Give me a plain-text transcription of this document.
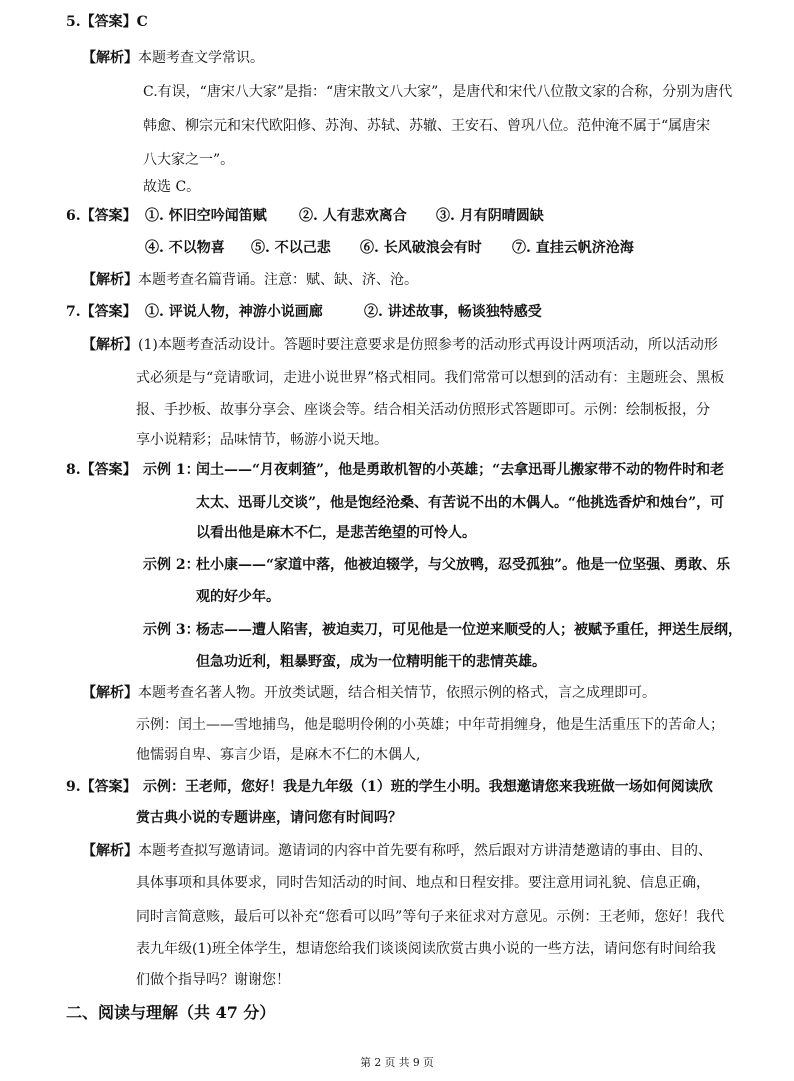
5.【答案】C
【解析】本题考查文学常识。
C.有误，“唐宋八大家”是指：“唐宋散文八大家”，是唐代和宋代八位散文家的合称，分别为唐代
韩愈、柳宗元和宋代欧阳修、苏洵、苏轼、苏辙、王安石、曾巩八位。范仲淹不属于“属唐宋
八大家之一”。
故选 C。
6.【答案】 ①. 怀旧空吟闻笛赋 ②. 人有悲欢离合 ③. 月有阴晴圆缺
④. 不以物喜 ⑤. 不以己悲 ⑥. 长风破浪会有时 ⑦. 直挂云帆济沧海
【解析】本题考查名篇背诵。注意：赋、缺、济、沧。
7.【答案】 ①. 评说人物，神游小说画廊	②. 讲述故事，畅谈独特感受
【解析】(1)本题考查活动设计。答题时要注意要求是仿照参考的活动形式再设计两项活动，所以活动形
式必须是与“竞请歌词，走进小说世界”格式相同。我们常常可以想到的活动有：主题班会、黑板
报、手抄板、故事分享会、座谈会等。结合相关活动仿照形式答题即可。示例：绘制板报，分
享小说精彩；品味情节，畅游小说天地。
8.【答案】 示例 1：
闰土——“月夜刺猹”，他是勇敢机智的小英雄；“去拿迅哥儿搬家带不动的物件时和老
太太、迅哥儿交谈”，他是饱经沧桑、有苦说不出的木偶人。“他挑选香炉和烛台”，可
以看出他是麻木不仁，是悲苦绝望的可怜人。
示例 2：
杜小康——“家道中落，他被迫辍学，与父放鸭，忍受孤独”。他是一位坚强、勇敢、乐
观的好少年。
示例 3：
杨志——遭人陷害，被迫卖刀，可见他是一位逆来顺受的人；被赋予重任，押送生辰纲，
但急功近利，粗暴野蛮，成为一位精明能干的悲情英雄。
【解析】本题考查名著人物。开放类试题，结合相关情节，依照示例的格式，言之成理即可。
示例：闰土——雪地捕鸟，他是聪明伶俐的小英雄；中年苛捐缠身，他是生活重压下的苦命人；
他懦弱自卑、寡言少语，是麻木不仁的木偶人,
9.【答案】 示例：王老师，您好！我是九年级（1）班的学生小明。我想邀请您来我班做一场如何阅读欣
赏古典小说的专题讲座，请问您有时间吗？
【解析】本题考查拟写邀请词。邀请词的内容中首先要有称呼，然后跟对方讲清楚邀请的事由、目的、
具体事项和具体要求，同时告知活动的时间、地点和日程安排。要注意用词礼貌、信息正确，
同时言简意赅，最后可以补充“您看可以吗”等句子来征求对方意见。示例：王老师，您好！我代
表九年级(1)班全体学生，想请您给我们谈谈阅读欣赏古典小说的一些方法，请问您有时间给我
们做个指导吗？谢谢您！
二、阅读与理解（共 47 分）
第 2 页 共 9 页
